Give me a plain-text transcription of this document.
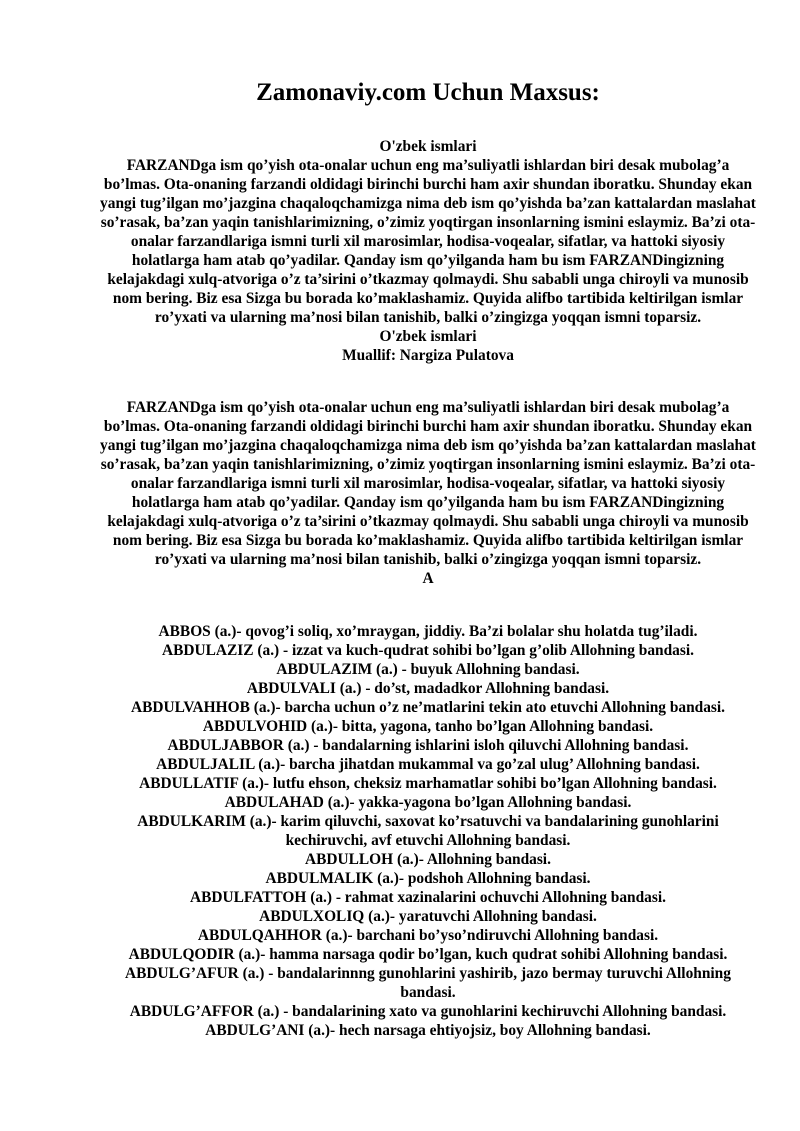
Zamonaviy.com Uchun Maxsus:

O'zbek ismlari

FARZANDga ism qo’yish ota-onalar uchun eng ma’suliyatli ishlardan biri desak mubolag’a bo’lmas. Ota-onaning farzandi oldidagi birinchi burchi ham axir shundan iboratku. Shunday ekan yangi tug’ilgan mo’jazgina chaqaloqchamizga nima deb ism qo’yishda ba’zan kattalardan maslahat so’rasak, ba’zan yaqin tanishlarimizning, o’zimiz yoqtirgan insonlarning ismini eslaymiz. Ba’zi ota-onalar farzandlariga ismni turli xil marosimlar, hodisa-voqealar, sifatlar, va hattoki siyosiy holatlarga ham atab qo’yadilar. Qanday ism qo’yilganda ham bu ism FARZANDingizning kelajakdagi xulq-atvoriga o’z ta’sirini o’tkazmay qolmaydi. Shu sababli unga chiroyli va munosib nom bering. Biz esa Sizga bu borada ko’maklashamiz. Quyida alifbo tartibida keltirilgan ismlar ro’yxati va ularning ma’nosi bilan tanishib, balki o’zingizga yoqqan ismni toparsiz.

O'zbek ismlari

Muallif: Nargiza Pulatova

FARZANDga ism qo’yish ota-onalar uchun eng ma’suliyatli ishlardan biri desak mubolag’a bo’lmas. Ota-onaning farzandi oldidagi birinchi burchi ham axir shundan iboratku. Shunday ekan yangi tug’ilgan mo’jazgina chaqaloqchamizga nima deb ism qo’yishda ba’zan kattalardan maslahat so’rasak, ba’zan yaqin tanishlarimizning, o’zimiz yoqtirgan insonlarning ismini eslaymiz. Ba’zi ota-onalar farzandlariga ismni turli xil marosimlar, hodisa-voqealar, sifatlar, va hattoki siyosiy holatlarga ham atab qo’yadilar. Qanday ism qo’yilganda ham bu ism FARZANDingizning kelajakdagi xulq-atvoriga o’z ta’sirini o’tkazmay qolmaydi. Shu sababli unga chiroyli va munosib nom bering. Biz esa Sizga bu borada ko’maklashamiz. Quyida alifbo tartibida keltirilgan ismlar ro’yxati va ularning ma’nosi bilan tanishib, balki o’zingizga yoqqan ismni toparsiz.

A

ABBOS (a.)- qovog’i soliq, xo’mraygan, jiddiy. Ba’zi bolalar shu holatda tug’iladi.

ABDULAZIZ (a.) - izzat va kuch-qudrat sohibi bo’lgan g’olib Allohning bandasi.

ABDULAZIM (a.) - buyuk Allohning bandasi.

ABDULVALI (a.) - do’st, madadkor Allohning bandasi.

ABDULVAHHOB (a.)- barcha uchun o’z ne’matlarini tekin ato etuvchi Allohning bandasi.

ABDULVOHID (a.)- bitta, yagona, tanho bo’lgan Allohning bandasi.

ABDULJABBOR (a.) - bandalarning ishlarini isloh qiluvchi Allohning bandasi.

ABDULJALIL (a.)- barcha jihatdan mukammal va go’zal ulug’ Allohning bandasi.

ABDULLATIF (a.)- lutfu ehson, cheksiz marhamatlar sohibi bo’lgan Allohning bandasi.

ABDULAHAD (a.)- yakka-yagona bo’lgan Allohning bandasi.

ABDULKARIM (a.)- karim qiluvchi, saxovat ko’rsatuvchi va bandalarining gunohlarini kechiruvchi, avf etuvchi Allohning bandasi.

ABDULLOH (a.)- Allohning bandasi.

ABDULMALIK (a.)- podshoh Allohning bandasi.

ABDULFATTOH (a.) - rahmat xazinalarini ochuvchi Allohning bandasi.

ABDULXOLIQ (a.)- yaratuvchi Allohning bandasi.

ABDULQAHHOR (a.)- barchani bo’yso’ndiruvchi Allohning bandasi.

ABDULQODIR (a.)- hamma narsaga qodir bo’lgan, kuch qudrat sohibi Allohning bandasi.

ABDULG’AFUR (a.) - bandalarinnng gunohlarini yashirib, jazo bermay turuvchi Allohning bandasi.

ABDULG’AFFOR (a.) - bandalarining xato va gunohlarini kechiruvchi Allohning bandasi.

ABDULG’ANI (a.)- hech narsaga ehtiyojsiz, boy Allohning bandasi.
